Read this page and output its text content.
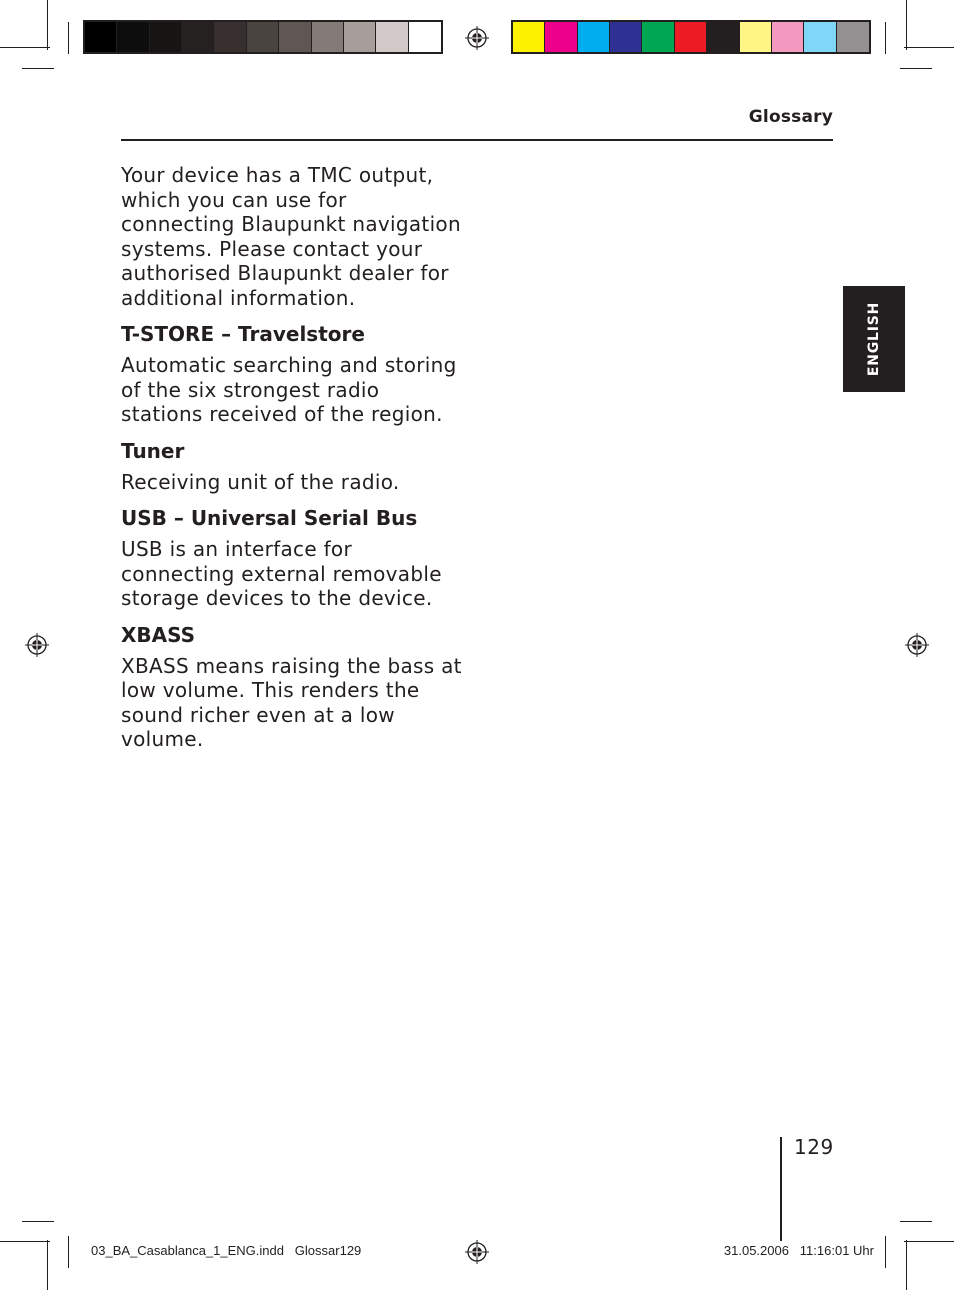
Glossary

Your device has a TMC output, which you can use for connecting Blaupunkt navigation systems. Please contact your authorised Blaupunkt dealer for additional information.

T-STORE – Travelstore

Automatic searching and storing of the six strongest radio stations received of the region.

Tuner

Receiving unit of the radio.

USB – Universal Serial Bus

USB is an interface for connecting external removable storage devices to the device.

XBASS

XBASS means raising the bass at low volume. This renders the sound richer even at a low volume.

ENGLISH
129
03_BA_Casablanca_1_ENG.indd   Glossar129	31.05.2006   11:16:01 Uhr
